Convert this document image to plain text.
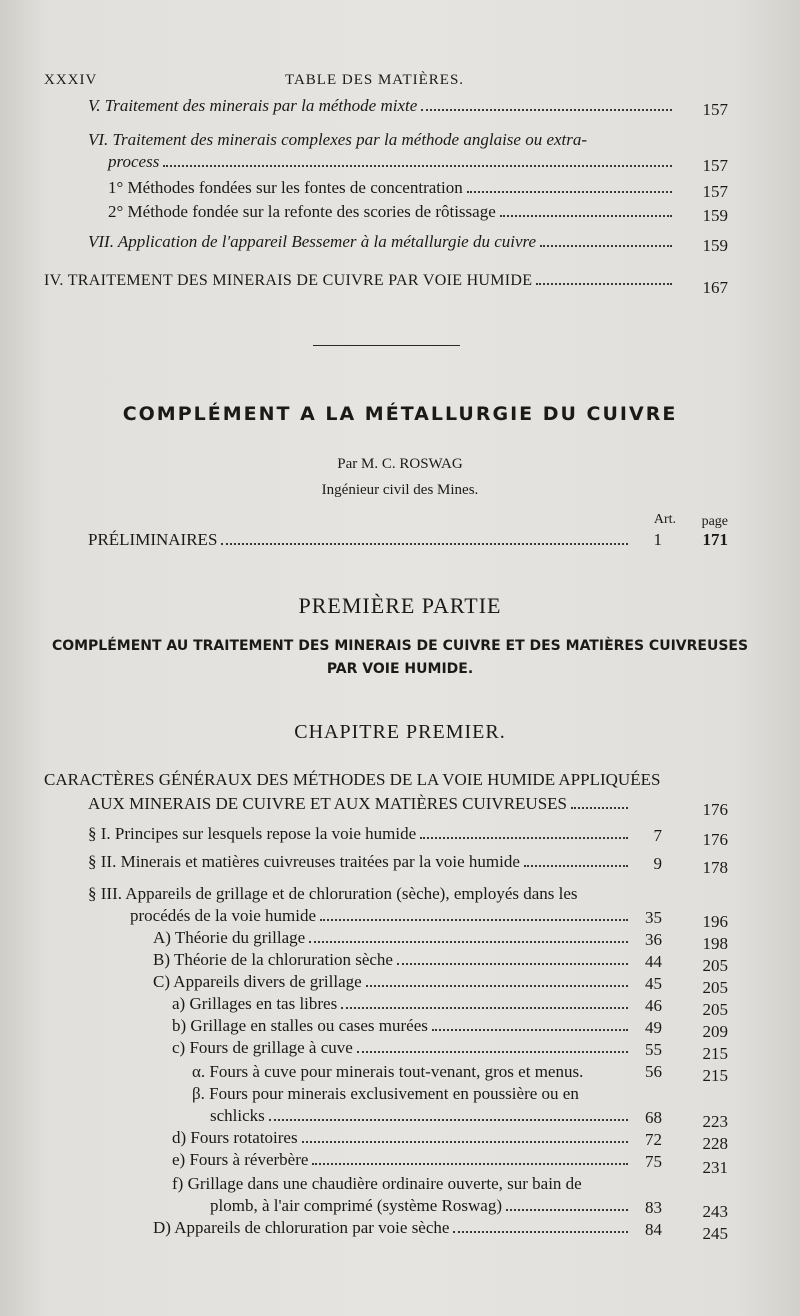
XXXIV	TABLE DES MATIÈRES.
V. Traitement des minerais par la méthode mixte	157
VI. Traitement des minerais complexes par la méthode anglaise ou extra-
process	157
1° Méthodes fondées sur les fontes de concentration	157
2° Méthode fondée sur la refonte des scories de rôtissage	159
VII. Application de l'appareil Bessemer à la métallurgie du cuivre	159
IV. TRAITEMENT DES MINERAIS DE CUIVRE PAR VOIE HUMIDE	167
COMPLÉMENT A LA MÉTALLURGIE DU CUIVRE
Par M. C. ROSWAG
Ingénieur civil des Mines.
Art.	page
PRÉLIMINAIRES	1	171
PREMIÈRE PARTIE
COMPLÉMENT AU TRAITEMENT DES MINERAIS DE CUIVRE ET DES MATIÈRES CUIVREUSES
PAR VOIE HUMIDE.
CHAPITRE PREMIER.
CARACTÈRES GÉNÉRAUX DES MÉTHODES DE LA VOIE HUMIDE APPLIQUÉES
AUX MINERAIS DE CUIVRE ET AUX MATIÈRES CUIVREUSES	176
§ I. Principes sur lesquels repose la voie humide	7	176
§ II. Minerais et matières cuivreuses traitées par la voie humide	9	178
§ III. Appareils de grillage et de chloruration (sèche), employés dans les
procédés de la voie humide	35	196
A) Théorie du grillage	36	198
B) Théorie de la chloruration sèche	44	205
C) Appareils divers de grillage	45	205
a) Grillages en tas libres	46	205
b) Grillage en stalles ou cases murées	49	209
c) Fours de grillage à cuve	55	215
α. Fours à cuve pour minerais tout-venant, gros et menus.	56	215
β. Fours pour minerais exclusivement en poussière ou en
schlicks	68	223
d) Fours rotatoires	72	228
e) Fours à réverbère	75	231
f) Grillage dans une chaudière ordinaire ouverte, sur bain de
plomb, à l'air comprimé (système Roswag)	83	243
D) Appareils de chloruration par voie sèche	84	245
